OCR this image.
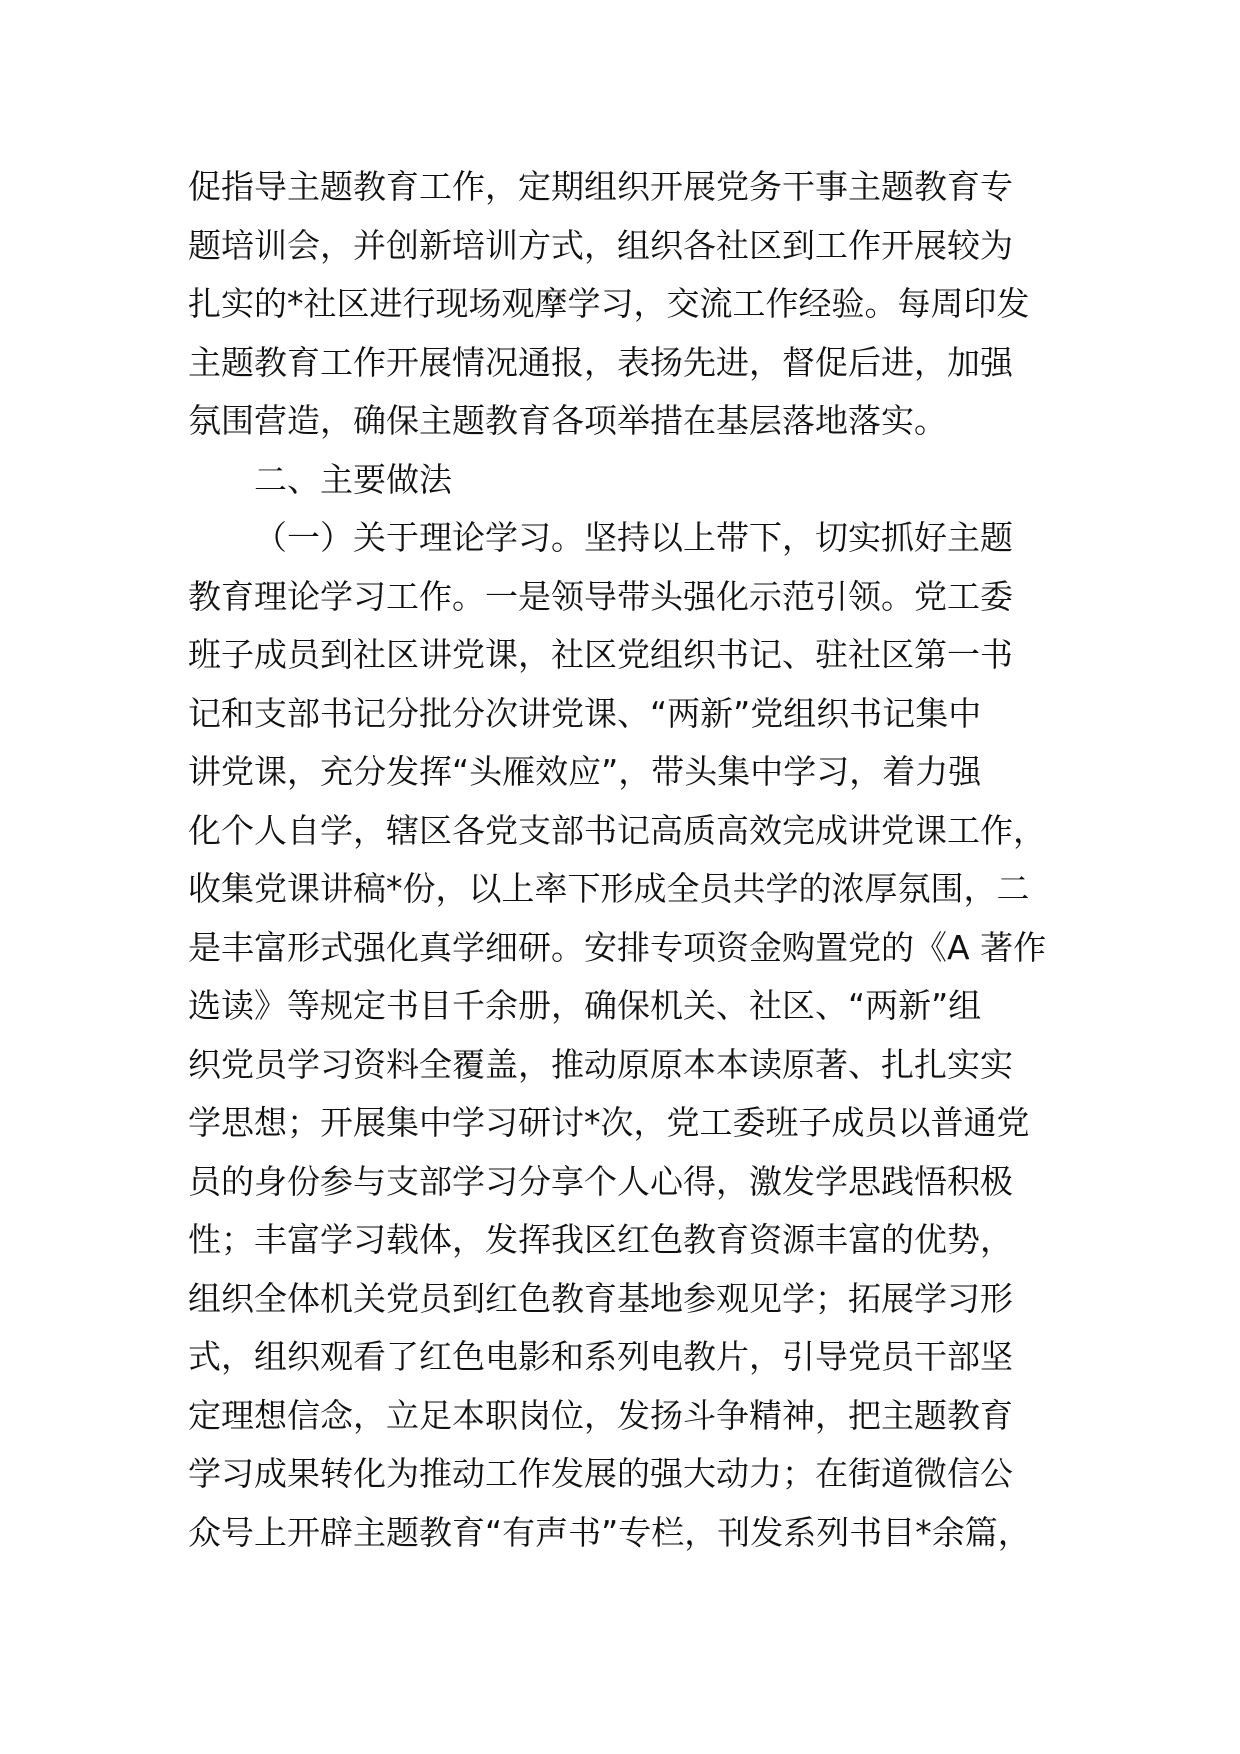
促指导主题教育工作，定期组织开展党务干事主题教育专
题培训会，并创新培训方式，组织各社区到工作开展较为
扎实的*社区进行现场观摩学习，交流工作经验。每周印发
主题教育工作开展情况通报，表扬先进，督促后进，加强
氛围营造，确保主题教育各项举措在基层落地落实。
二、主要做法
（一）关于理论学习。坚持以上带下，切实抓好主题
教育理论学习工作。一是领导带头强化示范引领。党工委
班子成员到社区讲党课，社区党组织书记、驻社区第一书
记和支部书记分批分次讲党课、“两新”党组织书记集中
讲党课，充分发挥“头雁效应”，带头集中学习，着力强
化个人自学，辖区各党支部书记高质高效完成讲党课工作，
收集党课讲稿*份，以上率下形成全员共学的浓厚氛围，二
是丰富形式强化真学细研。安排专项资金购置党的《A 著作
选读》等规定书目千余册，确保机关、社区、“两新”组
织党员学习资料全覆盖，推动原原本本读原著、扎扎实实
学思想；开展集中学习研讨*次，党工委班子成员以普通党
员的身份参与支部学习分享个人心得，激发学思践悟积极
性；丰富学习载体，发挥我区红色教育资源丰富的优势，
组织全体机关党员到红色教育基地参观见学；拓展学习形
式，组织观看了红色电影和系列电教片，引导党员干部坚
定理想信念，立足本职岗位，发扬斗争精神，把主题教育
学习成果转化为推动工作发展的强大动力；在街道微信公
众号上开辟主题教育“有声书”专栏，刊发系列书目*余篇，
